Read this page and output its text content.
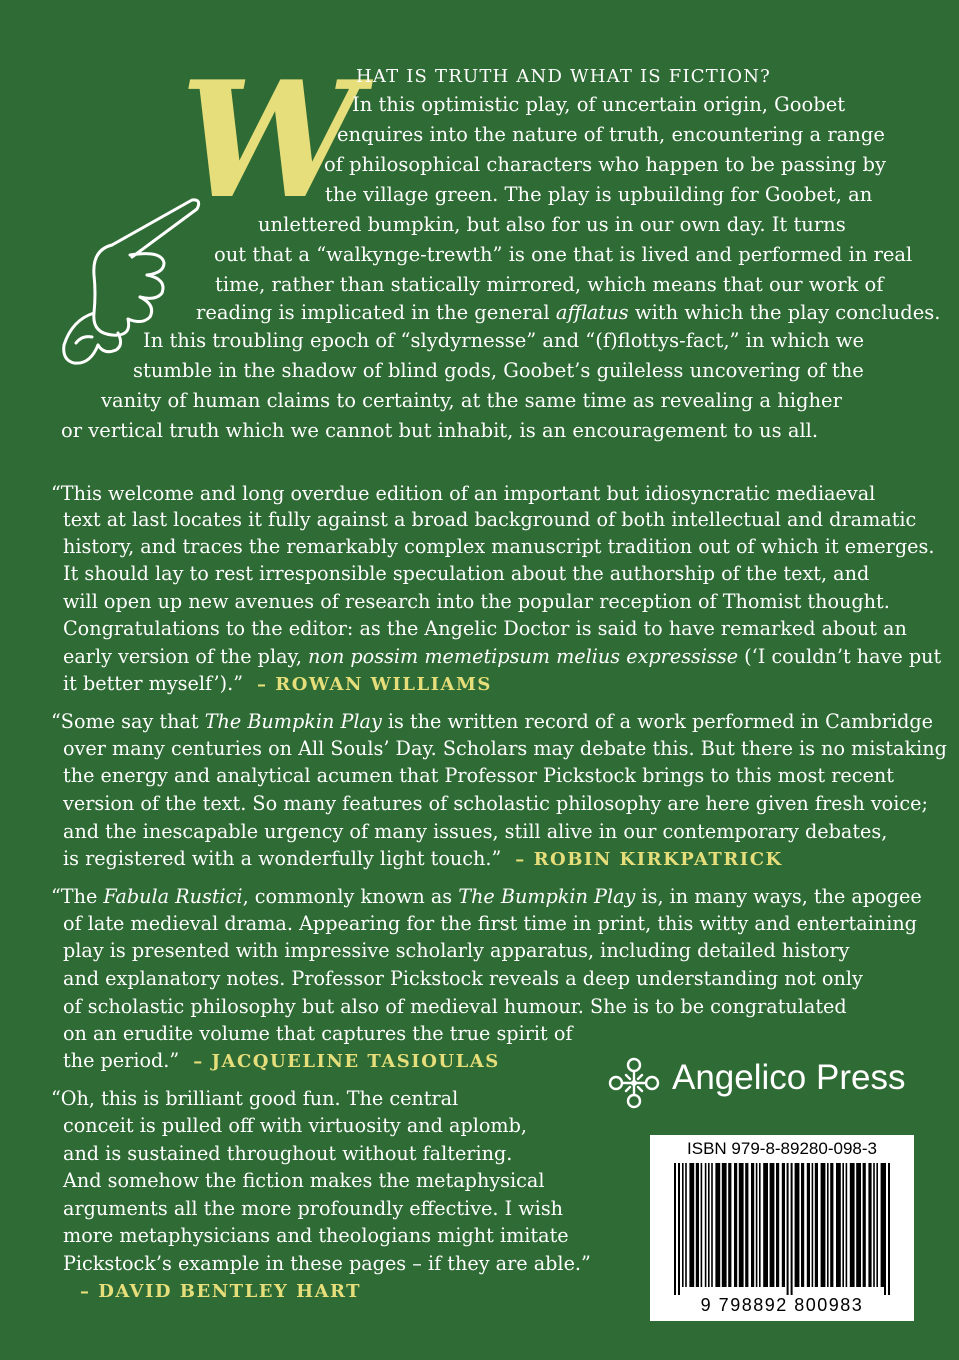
W
HAT IS TRUTH AND WHAT IS FICTION?
In this optimistic play, of uncertain origin, Goobet
enquires into the nature of truth, encountering a range
of philosophical characters who happen to be passing by
the village green. The play is upbuilding for Goobet, an
unlettered bumpkin, but also for us in our own day. It turns
out that a “walkynge-trewth” is one that is lived and performed in real
time, rather than statically mirrored, which means that our work of
reading is implicated in the general afflatus with which the play concludes.
In this troubling epoch of “slydyrnesse” and “(f)flottys-fact,” in which we
stumble in the shadow of blind gods, Goobet’s guileless uncovering of the
vanity of human claims to certainty, at the same time as revealing a higher
or vertical truth which we cannot but inhabit, is an encouragement to us all.
“This welcome and long overdue edition of an important but idiosyncratic mediaeval
text at last locates it fully against a broad background of both intellectual and dramatic
history, and traces the remarkably complex manuscript tradition out of which it emerges.
It should lay to rest irresponsible speculation about the authorship of the text, and
will open up new avenues of research into the popular reception of Thomist thought.
Congratulations to the editor: as the Angelic Doctor is said to have remarked about an
early version of the play, non possim memetipsum melius expressisse (‘I couldn’t have put
it better myself’).” – ROWAN WILLIAMS
“Some say that The Bumpkin Play is the written record of a work performed in Cambridge
over many centuries on All Souls’ Day. Scholars may debate this. But there is no mistaking
the energy and analytical acumen that Professor Pickstock brings to this most recent
version of the text. So many features of scholastic philosophy are here given fresh voice;
and the inescapable urgency of many issues, still alive in our contemporary debates,
is registered with a wonderfully light touch.” – ROBIN KIRKPATRICK
“The Fabula Rustici, commonly known as The Bumpkin Play is, in many ways, the apogee
of late medieval drama. Appearing for the first time in print, this witty and entertaining
play is presented with impressive scholarly apparatus, including detailed history
and explanatory notes. Professor Pickstock reveals a deep understanding not only
of scholastic philosophy but also of medieval humour. She is to be congratulated
on an erudite volume that captures the true spirit of
the period.” – JACQUELINE TASIOULAS
“Oh, this is brilliant good fun. The central
conceit is pulled off with virtuosity and aplomb,
and is sustained throughout without faltering.
And somehow the fiction makes the metaphysical
arguments all the more profoundly effective. I wish
more metaphysicians and theologians might imitate
Pickstock’s example in these pages – if they are able.”
– DAVID BENTLEY HART
Angelico Press
ISBN 979-8-89280-098-3
9 798892 800983
